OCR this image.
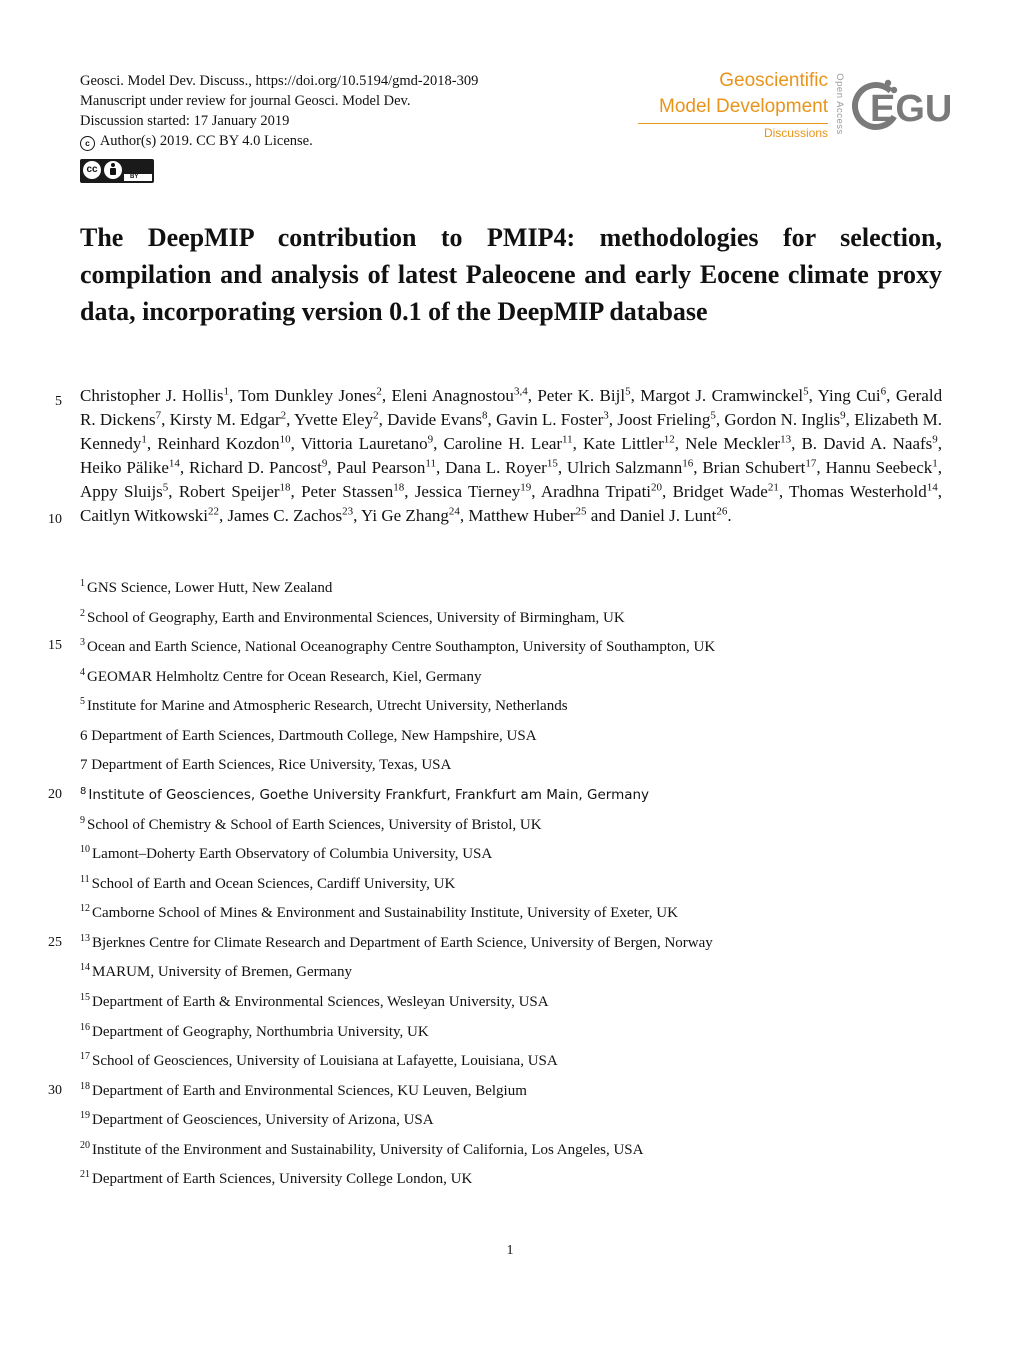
Geosci. Model Dev. Discuss., https://doi.org/10.5194/gmd-2018-309
Manuscript under review for journal Geosci. Model Dev.
Discussion started: 17 January 2019
c Author(s) 2019. CC BY 4.0 License.
cc
BY
Geoscientific
Model Development
Discussions Open Access EGU
The DeepMIP contribution to PMIP4: methodologies for selection, compilation and analysis of latest Paleocene and early Eocene climate proxy data, incorporating version 0.1 of the DeepMIP database
5
10
15
20
25
30

Christopher J. Hollis$^1$, Tom Dunkley Jones$^2$, Eleni Anagnostou$^{3,4}$, Peter K. Bijl$^5$, Margot J. Cramwinckel$^5$, Ying Cui$^6$, Gerald R. Dickens$^7$, Kirsty M. Edgar$^2$, Yvette Eley$^2$, Davide Evans$^8$, Gavin L. Foster$^3$, Joost Frieling$^5$, Gordon N. Inglis$^9$, Elizabeth M. Kennedy$^1$, Reinhard Kozdon$^{10}$, Vittoria Lauretano$^9$, Caroline H. Lear$^{11}$, Kate Littler$^{12}$, Nele Meckler$^{13}$, B. David A. Naafs$^9$, Heiko Pälike$^{14}$, Richard D. Pancost$^9$, Paul Pearson$^{11}$, Dana L. Royer$^{15}$, Ulrich Salzmann$^{16}$, Brian Schubert$^{17}$, Hannu Seebeck$^1$, Appy Sluijs$^5$, Robert Speijer$^{18}$, Peter Stassen$^{18}$, Jessica Tierney$^{19}$, Aradhna Tripati$^{20}$, Bridget Wade$^{21}$, Thomas Westerhold$^{14}$, Caitlyn Witkowski$^{22}$, James C. Zachos$^{23}$, Yi Ge Zhang$^{24}$, Matthew Huber$^{25}$ and Daniel J. Lunt$^{26}$.

$^1$ GNS Science, Lower Hutt, New Zealand
$^2$ School of Geography, Earth and Environmental Sciences, University of Birmingham, UK
$^3$ Ocean and Earth Science, National Oceanography Centre Southampton, University of Southampton, UK
$^4$ GEOMAR Helmholtz Centre for Ocean Research, Kiel, Germany
$^5$ Institute for Marine and Atmospheric Research, Utrecht University, Netherlands
6 Department of Earth Sciences, Dartmouth College, New Hampshire, USA
7 Department of Earth Sciences, Rice University, Texas, USA
$^8$ Institute of Geosciences, Goethe University Frankfurt, Frankfurt am Main, Germany
$^9$ School of Chemistry & School of Earth Sciences, University of Bristol, UK
$^{10}$ Lamont–Doherty Earth Observatory of Columbia University, USA
$^{11}$ School of Earth and Ocean Sciences, Cardiff University, UK
$^{12}$ Camborne School of Mines & Environment and Sustainability Institute, University of Exeter, UK
$^{13}$ Bjerknes Centre for Climate Research and Department of Earth Science, University of Bergen, Norway
$^{14}$ MARUM, University of Bremen, Germany
$^{15}$ Department of Earth & Environmental Sciences, Wesleyan University, USA
$^{16}$ Department of Geography, Northumbria University, UK
$^{17}$ School of Geosciences, University of Louisiana at Lafayette, Louisiana, USA
$^{18}$ Department of Earth and Environmental Sciences, KU Leuven, Belgium
$^{19}$ Department of Geosciences, University of Arizona, USA
$^{20}$ Institute of the Environment and Sustainability, University of California, Los Angeles, USA
$^{21}$ Department of Earth Sciences, University College London, UK
1
